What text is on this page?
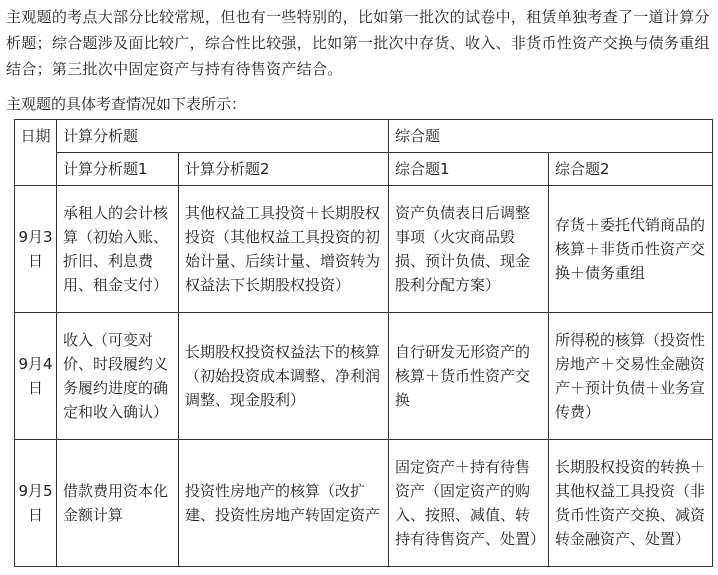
主观题的考点大部分比较常规，但也有一些特别的，比如第一批次的试卷中，租赁单独考查了一道计算分析题；综合题涉及面比较广，综合性比较强，比如第一批次中存货、收入、非货币性资产交换与债务重组结合；第三批次中固定资产与持有待售资产结合。
主观题的具体考查情况如下表所示：
日期	计算分析题		综合题	
	计算分析题1	计算分析题2	综合题1	综合题2
9月3日	承租人的会计核算（初始入账、折旧、利息费用、租金支付）	其他权益工具投资＋长期股权投资（其他权益工具投资的初始计量、后续计量、增资转为权益法下长期股权投资）	资产负债表日后调整事项（火灾商品毁损、预计负债、现金股利分配方案）	存货＋委托代销商品的核算＋非货币性资产交换＋债务重组
9月4日	收入（可变对价、时段履约义务履约进度的确定和收入确认）	长期股权投资权益法下的核算（初始投资成本调整、净利润调整、现金股利）	自行研发无形资产的核算＋货币性资产交换	所得税的核算（投资性房地产＋交易性金融资产＋预计负债＋业务宣传费）
9月5日	借款费用资本化金额计算	投资性房地产的核算（改扩建、投资性房地产转固定资产	固定资产＋持有待售资产（固定资产的购入、按照、减值、转持有待售资产、处置）	长期股权投资的转换＋其他权益工具投资（非货币性资产交换、减资转金融资产、处置）
